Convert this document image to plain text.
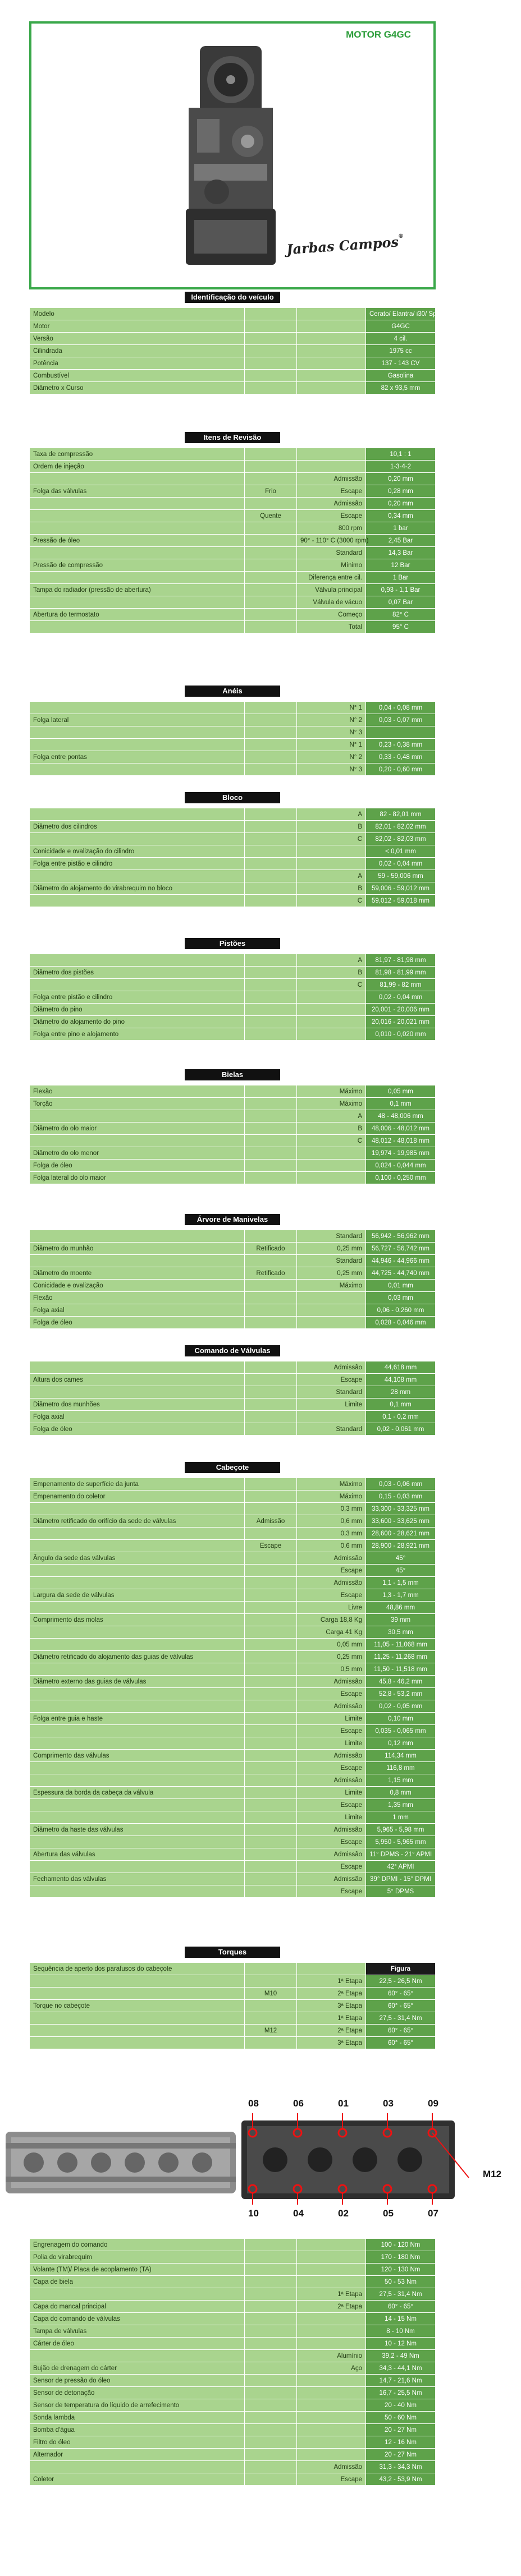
MOTOR G4GC
Jarbas Campos®
Identificação do veículo
Modelo			Cerato/ Elantra/ i30/ Sportage/ Tucson
Motor			G4GC
Versão			4 cil.
Cilindrada			1975 cc
Potência			137 - 143 CV
Combustível			Gasolina
Diâmetro x Curso			82 x 93,5 mm
Itens de Revisão
Taxa de compressão			10,1 : 1
Ordem de injeção			1-3-4-2
		Admissão	0,20 mm
Folga das válvulas	Frio	Escape	0,28 mm
		Admissão	0,20 mm
	Quente	Escape	0,34 mm
		800 rpm	1 bar
Pressão de óleo		90° - 110° C (3000 rpm)	2,45 Bar
		Standard	14,3 Bar
Pressão de compressão		Mínimo	12 Bar
		Diferença entre cil.	1 Bar
Tampa do radiador (pressão de abertura)		Válvula principal	0,93 - 1,1 Bar
		Válvula de vácuo	0,07 Bar
Abertura do termostato		Começo	82° C
		Total	95° C
Anéis
		N° 1	0,04 - 0,08 mm
Folga lateral		N° 2	0,03 - 0,07 mm
		N° 3	
		N° 1	0,23 - 0,38 mm
Folga entre pontas		N° 2	0,33 - 0,48 mm
		N° 3	0,20 - 0,60 mm
Bloco
		A	82 - 82,01 mm
Diâmetro dos cilindros		B	82,01 - 82,02 mm
		C	82,02 - 82,03 mm
Conicidade e ovalização do cilindro			< 0,01 mm
Folga entre pistão e cilindro			0,02 - 0,04 mm
		A	59 - 59,006 mm
Diâmetro do alojamento do virabrequim no bloco		B	59,006 - 59,012 mm
		C	59,012 - 59,018 mm
Pistões
		A	81,97 - 81,98 mm
Diâmetro dos pistões		B	81,98 - 81,99 mm
		C	81,99 - 82 mm
Folga entre pistão e cilindro			0,02 - 0,04 mm
Diâmetro do pino			20,001 - 20,006 mm
Diâmetro do alojamento do pino			20,016 - 20,021 mm
Folga entre pino e alojamento			0,010 - 0,020 mm
Bielas
Flexão		Máximo	0,05 mm
Torção		Máximo	0,1 mm
		A	48 - 48,006 mm
Diâmetro do olo maior		B	48,006 - 48,012 mm
		C	48,012 - 48,018 mm
Diâmetro do olo menor			19,974 - 19,985 mm
Folga de óleo			0,024 - 0,044 mm
Folga lateral do olo maior			0,100 - 0,250 mm
Árvore de Manivelas
		Standard	56,942 - 56,962 mm
Diâmetro do munhão	Retificado	0,25 mm	56,727 - 56,742 mm
		Standard	44,946 - 44,966 mm
Diâmetro do moente	Retificado	0,25 mm	44,725 - 44,740 mm
Conicidade e ovalização		Máximo	0,01 mm
Flexão			0,03 mm
Folga axial			0,06 - 0,260 mm
Folga de óleo			0,028 - 0,046 mm
Comando de Válvulas
		Admissão	44,618 mm
Altura dos cames		Escape	44,108 mm
		Standard	28 mm
Diâmetro dos munhões		Limite	0,1 mm
Folga axial			0,1 - 0,2 mm
Folga de óleo		Standard	0,02 - 0,061 mm
Cabeçote
Empenamento de superfície da junta		Máximo	0,03 - 0,06 mm
Empenamento do coletor		Máximo	0,15 - 0,03 mm
		0,3 mm	33,300 - 33,325 mm
Diâmetro retificado do orifício da sede de válvulas	Admissão	0,6 mm	33,600 - 33,625 mm
		0,3 mm	28,600 - 28,621 mm
	Escape	0,6 mm	28,900 - 28,921 mm
Ângulo da sede das válvulas		Admissão	45°
		Escape	45°
		Admissão	1,1 - 1,5 mm
Largura da sede de válvulas		Escape	1,3 - 1,7 mm
		Livre	48,86 mm
Comprimento das molas		Carga 18,8 Kg	39 mm
		Carga 41 Kg	30,5 mm
		0,05 mm	11,05 - 11,068 mm
Diâmetro retificado do alojamento das guias de válvulas		0,25 mm	11,25 - 11,268 mm
		0,5 mm	11,50 - 11,518 mm
Diâmetro externo das guias de válvulas		Admissão	45,8 - 46,2 mm
		Escape	52,8 - 53,2 mm
		Admissão	0,02 - 0,05 mm
Folga entre guia e haste		Limite	0,10 mm
		Escape	0,035 - 0,065 mm
		Limite	0,12 mm
Comprimento das válvulas		Admissão	114,34 mm
		Escape	116,8 mm
		Admissão	1,15 mm
Espessura da borda da cabeça da válvula		Limite	0,8 mm
		Escape	1,35 mm
		Limite	1 mm
Diâmetro da haste das válvulas		Admissão	5,965 - 5,98 mm
		Escape	5,950 - 5,965 mm
Abertura das válvulas		Admissão	11° DPMS - 21° APMI
		Escape	42° APMI
Fechamento das válvulas		Admissão	39° DPMI - 15° DPMI
		Escape	5° DPMS
Torques
Sequência de aperto dos parafusos do cabeçote			Figura
		1ª Etapa	22,5 - 26,5 Nm
	M10	2ª Etapa	60° - 65°
Torque no cabeçote		3ª Etapa	60° - 65°
		1ª Etapa	27,5 - 31,4 Nm
	M12	2ª Etapa	60° - 65°
		3ª Etapa	60° - 65°
08	06	01	03	09
10	04	02	05	07
M12
Engrenagem do comando			100 - 120 Nm
Polia do virabrequim			170 - 180 Nm
Volante (TM)/ Placa de acoplamento (TA)			120 - 130 Nm
Capa de biela			50 - 53 Nm
		1ª Etapa	27,5 - 31,4 Nm
Capa do mancal principal		2ª Etapa	60° - 65°
Capa do comando de válvulas			14 - 15 Nm
Tampa de válvulas			8 - 10 Nm
Cárter de óleo			10 - 12 Nm
		Alumínio	39,2 - 49 Nm
Bujão de drenagem do cárter		Aço	34,3 - 44,1 Nm
Sensor de pressão do óleo			14,7 - 21,6 Nm
Sensor de detonação			16,7 - 25,5 Nm
Sensor de temperatura do líquido de arrefecimento			20 - 40 Nm
Sonda lambda			50 - 60 Nm
Bomba d'água			20 - 27 Nm
Filtro do óleo			12 - 16 Nm
Alternador			20 - 27 Nm
		Admissão	31,3 - 34,3 Nm
Coletor		Escape	43,2 - 53,9 Nm
